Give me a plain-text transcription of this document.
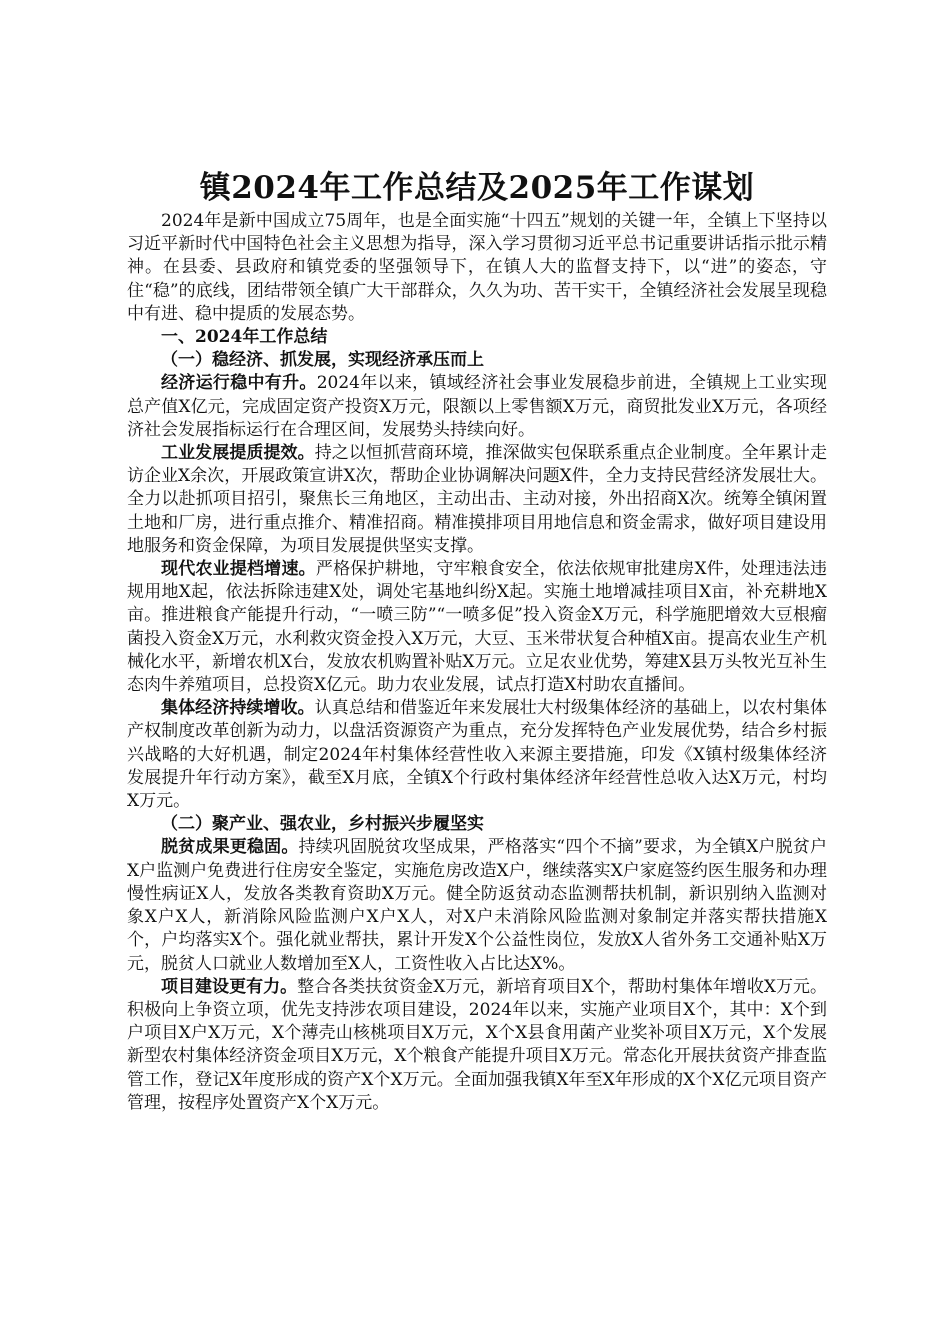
镇2024年工作总结及2025年工作谋划

2024年是新中国成立75周年，也是全面实施“十四五”规划的关键一年，全镇上下坚持以习近平新时代中国特色社会主义思想为指导，深入学习贯彻习近平总书记重要讲话指示批示精神。在县委、县政府和镇党委的坚强领导下，在镇人大的监督支持下，以“进”的姿态，守住“稳”的底线，团结带领全镇广大干部群众，久久为功、苦干实干，全镇经济社会发展呈现稳中有进、稳中提质的发展态势。

一、2024年工作总结

（一）稳经济、抓发展，实现经济承压而上

经济运行稳中有升。2024年以来，镇域经济社会事业发展稳步前进，全镇规上工业实现总产值X亿元，完成固定资产投资X万元，限额以上零售额X万元，商贸批发业X万元，各项经济社会发展指标运行在合理区间，发展势头持续向好。

工业发展提质提效。持之以恒抓营商环境，推深做实包保联系重点企业制度。全年累计走访企业X余次，开展政策宣讲X次，帮助企业协调解决问题X件，全力支持民营经济发展壮大。全力以赴抓项目招引，聚焦长三角地区，主动出击、主动对接，外出招商X次。统筹全镇闲置土地和厂房，进行重点推介、精准招商。精准摸排项目用地信息和资金需求，做好项目建设用地服务和资金保障，为项目发展提供坚实支撑。

现代农业提档增速。严格保护耕地，守牢粮食安全，依法依规审批建房X件，处理违法违规用地X起，依法拆除违建X处，调处宅基地纠纷X起。实施土地增减挂项目X亩，补充耕地X亩。推进粮食产能提升行动，“一喷三防”“一喷多促”投入资金X万元，科学施肥增效大豆根瘤菌投入资金X万元，水利救灾资金投入X万元，大豆、玉米带状复合种植X亩。提高农业生产机械化水平，新增农机X台，发放农机购置补贴X万元。立足农业优势，筹建X县万头牧光互补生态肉牛养殖项目，总投资X亿元。助力农业发展，试点打造X村助农直播间。

集体经济持续增收。认真总结和借鉴近年来发展壮大村级集体经济的基础上，以农村集体产权制度改革创新为动力，以盘活资源资产为重点，充分发挥特色产业发展优势，结合乡村振兴战略的大好机遇，制定2024年村集体经营性收入来源主要措施，印发《X镇村级集体经济发展提升年行动方案》，截至X月底，全镇X个行政村集体经济年经营性总收入达X万元，村均X万元。

（二）聚产业、强农业，乡村振兴步履坚实

脱贫成果更稳固。持续巩固脱贫攻坚成果，严格落实“四个不摘”要求，为全镇X户脱贫户X户监测户免费进行住房安全鉴定，实施危房改造X户，继续落实X户家庭签约医生服务和办理慢性病证X人，发放各类教育资助X万元。健全防返贫动态监测帮扶机制，新识别纳入监测对象X户X人，新消除风险监测户X户X人，对X户未消除风险监测对象制定并落实帮扶措施X个，户均落实X个。强化就业帮扶，累计开发X个公益性岗位，发放X人省外务工交通补贴X万元，脱贫人口就业人数增加至X人，工资性收入占比达X%。

项目建设更有力。整合各类扶贫资金X万元，新培育项目X个，帮助村集体年增收X万元。积极向上争资立项，优先支持涉农项目建设，2024年以来，实施产业项目X个，其中：X个到户项目X户X万元，X个薄壳山核桃项目X万元，X个X县食用菌产业奖补项目X万元，X个发展新型农村集体经济资金项目X万元，X个粮食产能提升项目X万元。常态化开展扶贫资产排查监管工作，登记X年度形成的资产X个X万元。全面加强我镇X年至X年形成的X个X亿元项目资产管理，按程序处置资产X个X万元。
